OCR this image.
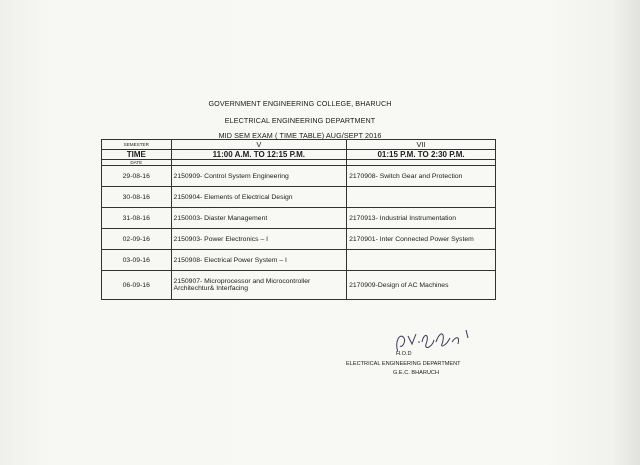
GOVERNMENT ENGINEERING COLLEGE, BHARUCH
ELECTRICAL ENGINEERING DEPARTMENT
MID SEM EXAM ( TIME TABLE) AUG/SEPT 2016
SEMESTER	V	VII
TIME	11:00 A.M. TO 12:15 P.M.	01:15 P.M. TO 2:30 P.M.
DATE		
29-08-16	2150909- Control System Engineering	2170908- Switch Gear and Protection
30-08-16	2150904- Elements of Electrical Design	
31-08-16	2150003- Diaster Management	2170913- Industrial Instrumentation
02-09-16	2150903- Power Electronics – I	2170901- Inter Connected Power System
03-09-16	2150908- Electrical Power System – I	
06-09-16	2150907- Microprocessor and Microcontroller Architechtur& Interfacing	2170909-Design of AC Machines
H.O.D
ELECTRICAL ENGINEERING DEPARTMENT
G.E.C. BHARUCH
